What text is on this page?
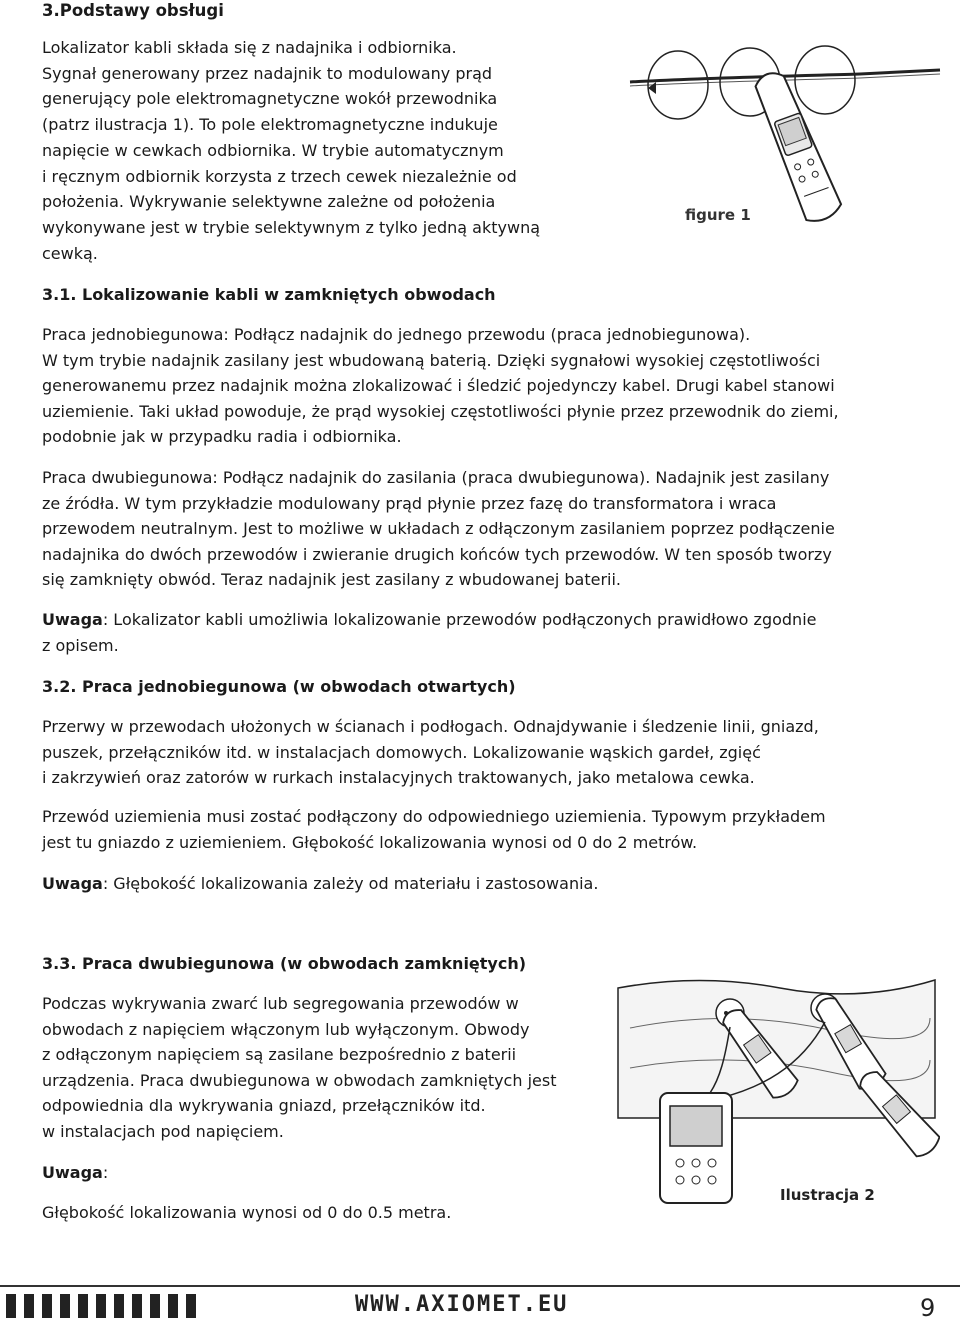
3.Podstawy obsługi
Lokalizator kabli składa się z nadajnika i odbiornika.
Sygnał generowany przez nadajnik to modulowany prąd
generujący pole elektromagnetyczne wokół przewodnika
(patrz ilustracja 1). To pole elektromagnetyczne indukuje
napięcie w cewkach odbiornika. W trybie automatycznym
i ręcznym odbiornik korzysta z trzech cewek niezależnie od
położenia. Wykrywanie selektywne zależne od położenia
wykonywane jest w trybie selektywnym z tylko jedną aktywną
cewką.
figure 1
3.1. Lokalizowanie kabli w zamkniętych obwodach
Praca jednobiegunowa: Podłącz nadajnik do jednego przewodu (praca jednobiegunowa).
W tym trybie nadajnik zasilany jest wbudowaną baterią. Dzięki sygnałowi wysokiej częstotliwości
generowanemu przez nadajnik można zlokalizować i śledzić pojedynczy kabel. Drugi kabel stanowi
uziemienie. Taki układ powoduje, że prąd wysokiej częstotliwości płynie przez przewodnik do ziemi,
podobnie jak w przypadku radia i odbiornika.
Praca dwubiegunowa: Podłącz nadajnik do zasilania (praca dwubiegunowa). Nadajnik jest zasilany
ze źródła. W tym przykładzie modulowany prąd płynie przez fazę do transformatora i wraca
przewodem neutralnym. Jest to możliwe w układach z odłączonym zasilaniem poprzez podłączenie
nadajnika do dwóch przewodów i zwieranie drugich końców tych przewodów. W ten sposób tworzy
się zamknięty obwód. Teraz nadajnik jest zasilany z wbudowanej baterii.
Uwaga: Lokalizator kabli umożliwia lokalizowanie przewodów podłączonych prawidłowo zgodnie
z opisem.
3.2. Praca jednobiegunowa (w obwodach otwartych)
Przerwy w przewodach ułożonych w ścianach i podłogach. Odnajdywanie i śledzenie linii, gniazd,
puszek, przełączników itd. w instalacjach domowych. Lokalizowanie wąskich gardeł, zgięć
i zakrzywień oraz zatorów w rurkach instalacyjnych traktowanych, jako metalowa cewka.
Przewód uziemienia musi zostać podłączony do odpowiedniego uziemienia. Typowym przykładem
jest tu gniazdo z uziemieniem. Głębokość lokalizowania wynosi od 0 do 2 metrów.
Uwaga: Głębokość lokalizowania zależy od materiału i zastosowania.
3.3. Praca dwubiegunowa (w obwodach zamkniętych)
Podczas wykrywania zwarć lub segregowania przewodów w
obwodach z napięciem włączonym lub wyłączonym. Obwody
z odłączonym napięciem są zasilane bezpośrednio z baterii
urządzenia. Praca dwubiegunowa w obwodach zamkniętych jest
odpowiednia dla wykrywania gniazd, przełączników itd.
w instalacjach pod napięciem.
Uwaga:
Głębokość lokalizowania wynosi od 0 do 0.5 metra.
Ilustracja 2
WWW.AXIOMET.EU	9
